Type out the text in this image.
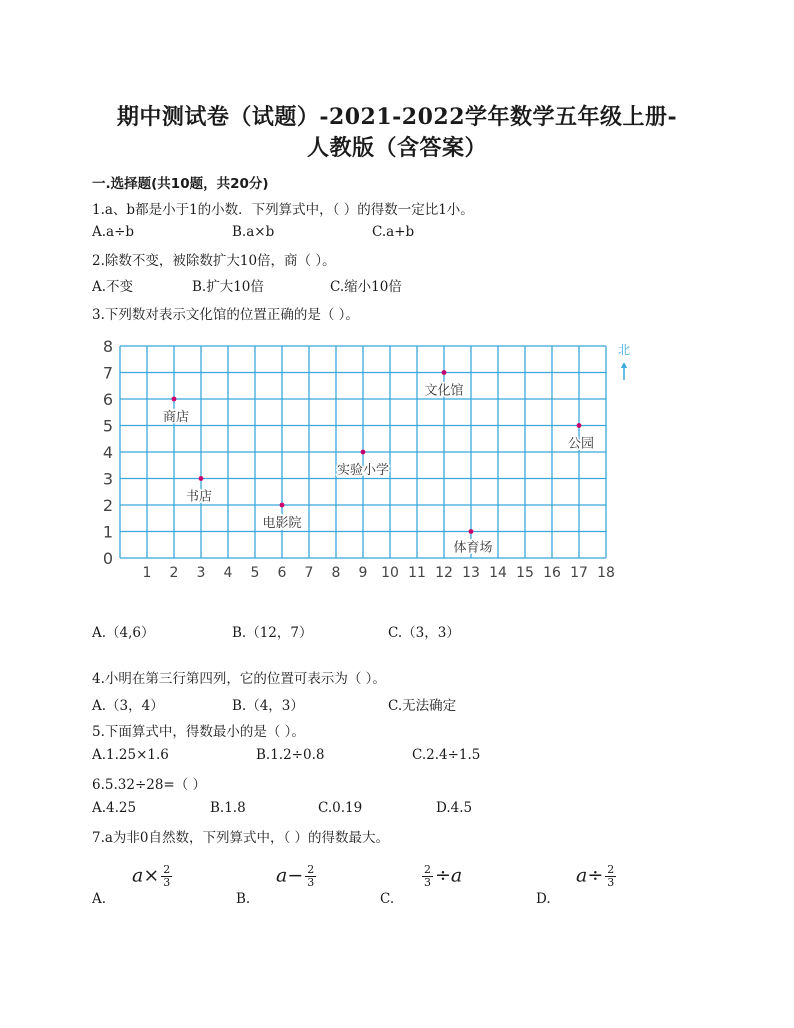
期中测试卷（试题）-2021-2022学年数学五年级上册-
人教版（含答案）
一.选择题(共10题，共20分)
1.a、b都是小于1的小数．下列算式中，（ ）的得数一定比1小。
A.a÷b	B.a×b	C.a+b
2.除数不变，被除数扩大10倍，商（ ）。
A.不变	B.扩大10倍	C.缩小10倍
3.下列数对表示文化馆的位置正确的是（ ）。
0
1
2
3
4
5
6
7
8
1 2 3 4 5 6 7 8 9 10 11 12 13 14 15 16 17 18
北
商店
书店
电影院
实验小学
文化馆
体育场
公园
A.（4,6）	B.（12，7）	C.（3，3）
4.小明在第三行第四列，它的位置可表示为（ ）。
A.（3，4）	B.（4，3）	C.无法确定
5.下面算式中，得数最小的是（ ）。
A.1.25×1.6	B.1.2÷0.8	C.2.4÷1.5
6.5.32÷28=（ ）
A.4.25	B.1.8	C.0.19	D.4.5
7.a为非0自然数，下列算式中，（ ）的得数最大。
$a\times \frac{2}{3}$	$a- \frac{2}{3}$	$\frac{2}{3} \div a$	$a\div \frac{2}{3}$
A.	B.	C.	D.
